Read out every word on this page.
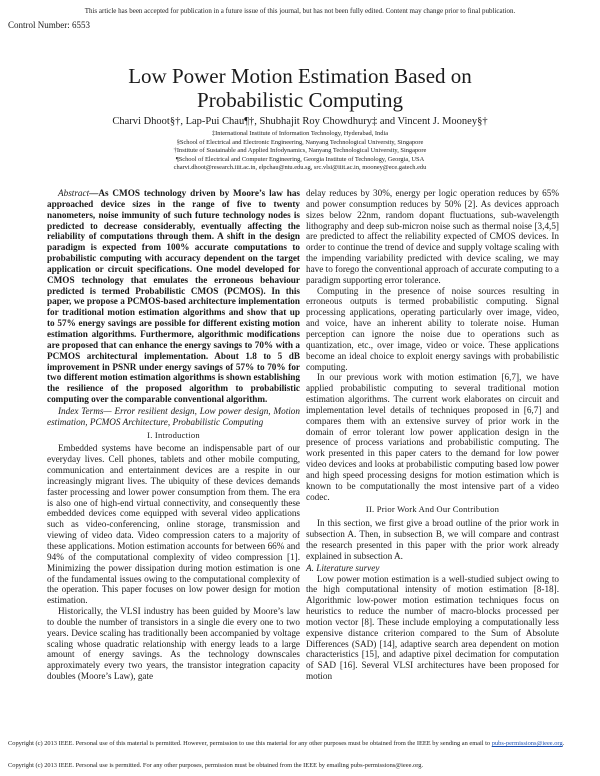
This article has been accepted for publication in a future issue of this journal, but has not been fully edited. Content may change prior to final publication.
Control Number: 6553
Low Power Motion Estimation Based on
Probabilistic Computing
Charvi Dhoot§†, Lap-Pui Chau¶†, Shubhajit Roy Chowdhury‡ and Vincent J. Mooney§†
‡International Institute of Information Technology, Hyderabad, India
§School of Electrical and Electronic Engineering, Nanyang Technological University, Singapore
†Institute of Sustainable and Applied Infodynamics, Nanyang Technological University, Singapore
¶School of Electrical and Computer Engineering, Georgia Institute of Technology, Georgia, USA
charvi.dhoot@research.iiit.ac.in, elpchau@ntu.edu.sg, src.vlsi@iiit.ac.in, mooney@ece.gatech.edu

Abstract—As CMOS technology driven by Moore’s law has approached device sizes in the range of five to twenty nanometers, noise immunity of such future technology nodes is predicted to decrease considerably, eventually affecting the reliability of computations through them. A shift in the design paradigm is expected from 100% accurate computations to probabilistic computing with accuracy dependent on the target application or circuit specifications. One model developed for CMOS technology that emulates the erroneous behaviour predicted is termed Probabilistic CMOS (PCMOS). In this paper, we propose a PCMOS-based architecture implementation for traditional motion estimation algorithms and show that up to 57% energy savings are possible for different existing motion estimation algorithms. Furthermore, algorithmic modifications are proposed that can enhance the energy savings to 70% with a PCMOS architectural implementation. About 1.8 to 5 dB improvement in PSNR under energy savings of 57% to 70% for two different motion estimation algorithms is shown establishing the resilience of the proposed algorithm to probabilistic computing over the comparable conventional algorithm.

Index Terms— Error resilient design, Low power design, Motion estimation, PCMOS Architecture, Probabilistic Computing

I. Introduction

Embedded systems have become an indispensable part of our everyday lives. Cell phones, tablets and other mobile computing, communication and entertainment devices are a respite in our increasingly migrant lives. The ubiquity of these devices demands faster processing and lower power consumption from them. The era is also one of high-end virtual connectivity, and consequently these embedded devices come equipped with several video applications such as video-conferencing, online storage, transmission and viewing of video data. Video compression caters to a majority of these applications. Motion estimation accounts for between 66% and 94% of the computational complexity of video compression [1]. Minimizing the power dissipation during motion estimation is one of the fundamental issues owing to the computational complexity of the operation. This paper focuses on low power design for motion estimation.

Historically, the VLSI industry has been guided by Moore’s law to double the number of transistors in a single die every one to two years. Device scaling has traditionally been accompanied by voltage scaling whose quadratic relationship with energy leads to a large amount of energy savings. As the technology downscales approximately every two years, the transistor integration capacity doubles (Moore’s Law), gate

delay reduces by 30%, energy per logic operation reduces by 65% and power consumption reduces by 50% [2]. As devices approach sizes below 22nm, random dopant fluctuations, sub-wavelength lithography and deep sub-micron noise such as thermal noise [3,4,5] are predicted to affect the reliability expected of CMOS devices. In order to continue the trend of device and supply voltage scaling with the impending variability predicted with device scaling, we may have to forego the conventional approach of accurate computing to a paradigm supporting error tolerance.

Computing in the presence of noise sources resulting in erroneous outputs is termed probabilistic computing. Signal processing applications, operating particularly over image, video, and voice, have an inherent ability to tolerate noise. Human perception can ignore the noise due to operations such as quantization, etc., over image, video or voice. These applications become an ideal choice to exploit energy savings with probabilistic computing.

In our previous work with motion estimation [6,7], we have applied probabilistic computing to several traditional motion estimation algorithms. The current work elaborates on circuit and implementation level details of techniques proposed in [6,7] and compares them with an extensive survey of prior work in the domain of error tolerant low power application design in the presence of process variations and probabilistic computing. The work presented in this paper caters to the demand for low power video devices and looks at probabilistic computing based low power and high speed processing designs for motion estimation which is known to be computationally the most intensive part of a video codec.

II. Prior Work And Our Contribution

In this section, we first give a broad outline of the prior work in subsection A. Then, in subsection B, we will compare and contrast the research presented in this paper with the prior work already explained in subsection A.

A. Literature survey

Low power motion estimation is a well-studied subject owing to the high computational intensity of motion estimation [8-18]. Algorithmic low-power motion estimation techniques focus on heuristics to reduce the number of macro-blocks processed per motion vector [8]. These include employing a computationally less expensive distance criterion compared to the Sum of Absolute Differences (SAD) [14], adaptive search area dependent on motion characteristics [15], and adaptive pixel decimation for computation of SAD [16]. Several VLSI architectures have been proposed for motion

Copyright (c) 2013 IEEE. Personal use of this material is permitted. However, permission to use this material for any other purposes must be obtained from the IEEE by sending an email to pubs-permissions@ieee.org.
Copyright (c) 2013 IEEE. Personal use is permitted. For any other purposes, permission must be obtained from the IEEE by emailing pubs-permissions@ieee.org.
